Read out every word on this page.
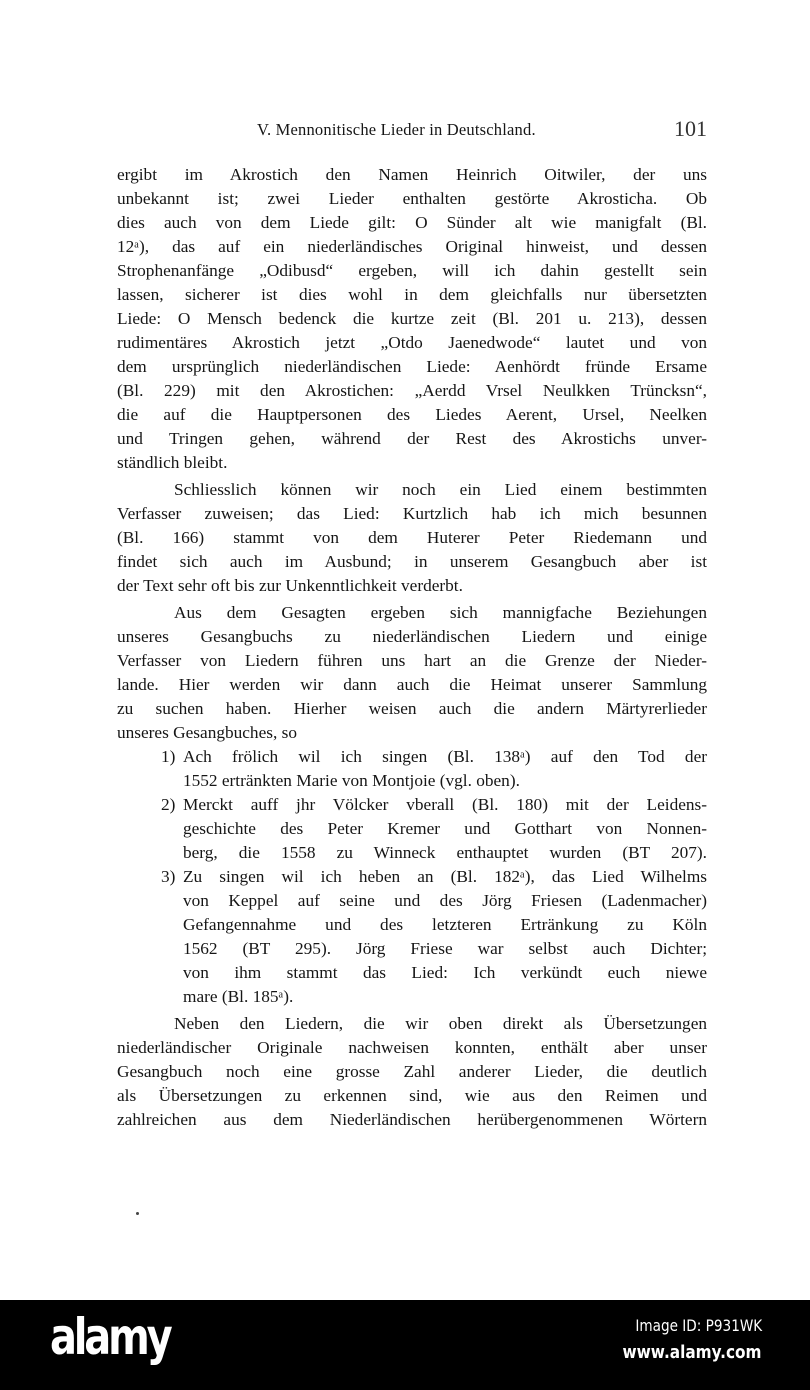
V. Mennonitische Lieder in Deutschland.	101
ergibt im Akrostich den Namen Heinrich Oitwiler, der uns
unbekannt ist; zwei Lieder enthalten gestörte Akrosticha. Ob
dies auch von dem Liede gilt: O Sünder alt wie manigfalt (Bl.
12ᵃ), das auf ein niederländisches Original hinweist, und dessen
Strophenanfänge „Odibusd“ ergeben, will ich dahin gestellt sein
lassen, sicherer ist dies wohl in dem gleichfalls nur übersetzten
Liede: O Mensch bedenck die kurtze zeit (Bl. 201 u. 213), dessen
rudimentäres Akrostich jetzt „Otdo Jaenedwode“ lautet und von
dem ursprünglich niederländischen Liede: Aenhördt fründe Ersame
(Bl. 229) mit den Akrostichen: „Aerdd Vrsel Neulkken Trüncksn“,
die auf die Hauptpersonen des Liedes Aerent, Ursel, Neelken
und Tringen gehen, während der Rest des Akrostichs unver-
ständlich bleibt.
Schliesslich können wir noch ein Lied einem bestimmten
Verfasser zuweisen; das Lied: Kurtzlich hab ich mich besunnen
(Bl. 166) stammt von dem Huterer Peter Riedemann und
findet sich auch im Ausbund; in unserem Gesangbuch aber ist
der Text sehr oft bis zur Unkenntlichkeit verderbt.
Aus dem Gesagten ergeben sich mannigfache Beziehungen
unseres Gesangbuchs zu niederländischen Liedern und einige
Verfasser von Liedern führen uns hart an die Grenze der Nieder-
lande. Hier werden wir dann auch die Heimat unserer Sammlung
zu suchen haben. Hierher weisen auch die andern Märtyrerlieder
unseres Gesangbuches, so
1) Ach frölich wil ich singen (Bl. 138ᵃ) auf den Tod der
1552 ertränkten Marie von Montjoie (vgl. oben).
2) Merckt auff jhr Völcker vberall (Bl. 180) mit der Leidens-
geschichte des Peter Kremer und Gotthart von Nonnen-
berg, die 1558 zu Winneck enthauptet wurden (BT 207).
3) Zu singen wil ich heben an (Bl. 182ᵃ), das Lied Wilhelms
von Keppel auf seine und des Jörg Friesen (Ladenmacher)
Gefangennahme und des letzteren Ertränkung zu Köln
1562 (BT 295). Jörg Friese war selbst auch Dichter;
von ihm stammt das Lied: Ich verkündt euch niewe
mare (Bl. 185ᵃ).
Neben den Liedern, die wir oben direkt als Übersetzungen
niederländischer Originale nachweisen konnten, enthält aber unser
Gesangbuch noch eine grosse Zahl anderer Lieder, die deutlich
als Übersetzungen zu erkennen sind, wie aus den Reimen und
zahlreichen aus dem Niederländischen herübergenommenen Wörtern
alamy	Image ID: P931WK
www.alamy.com
